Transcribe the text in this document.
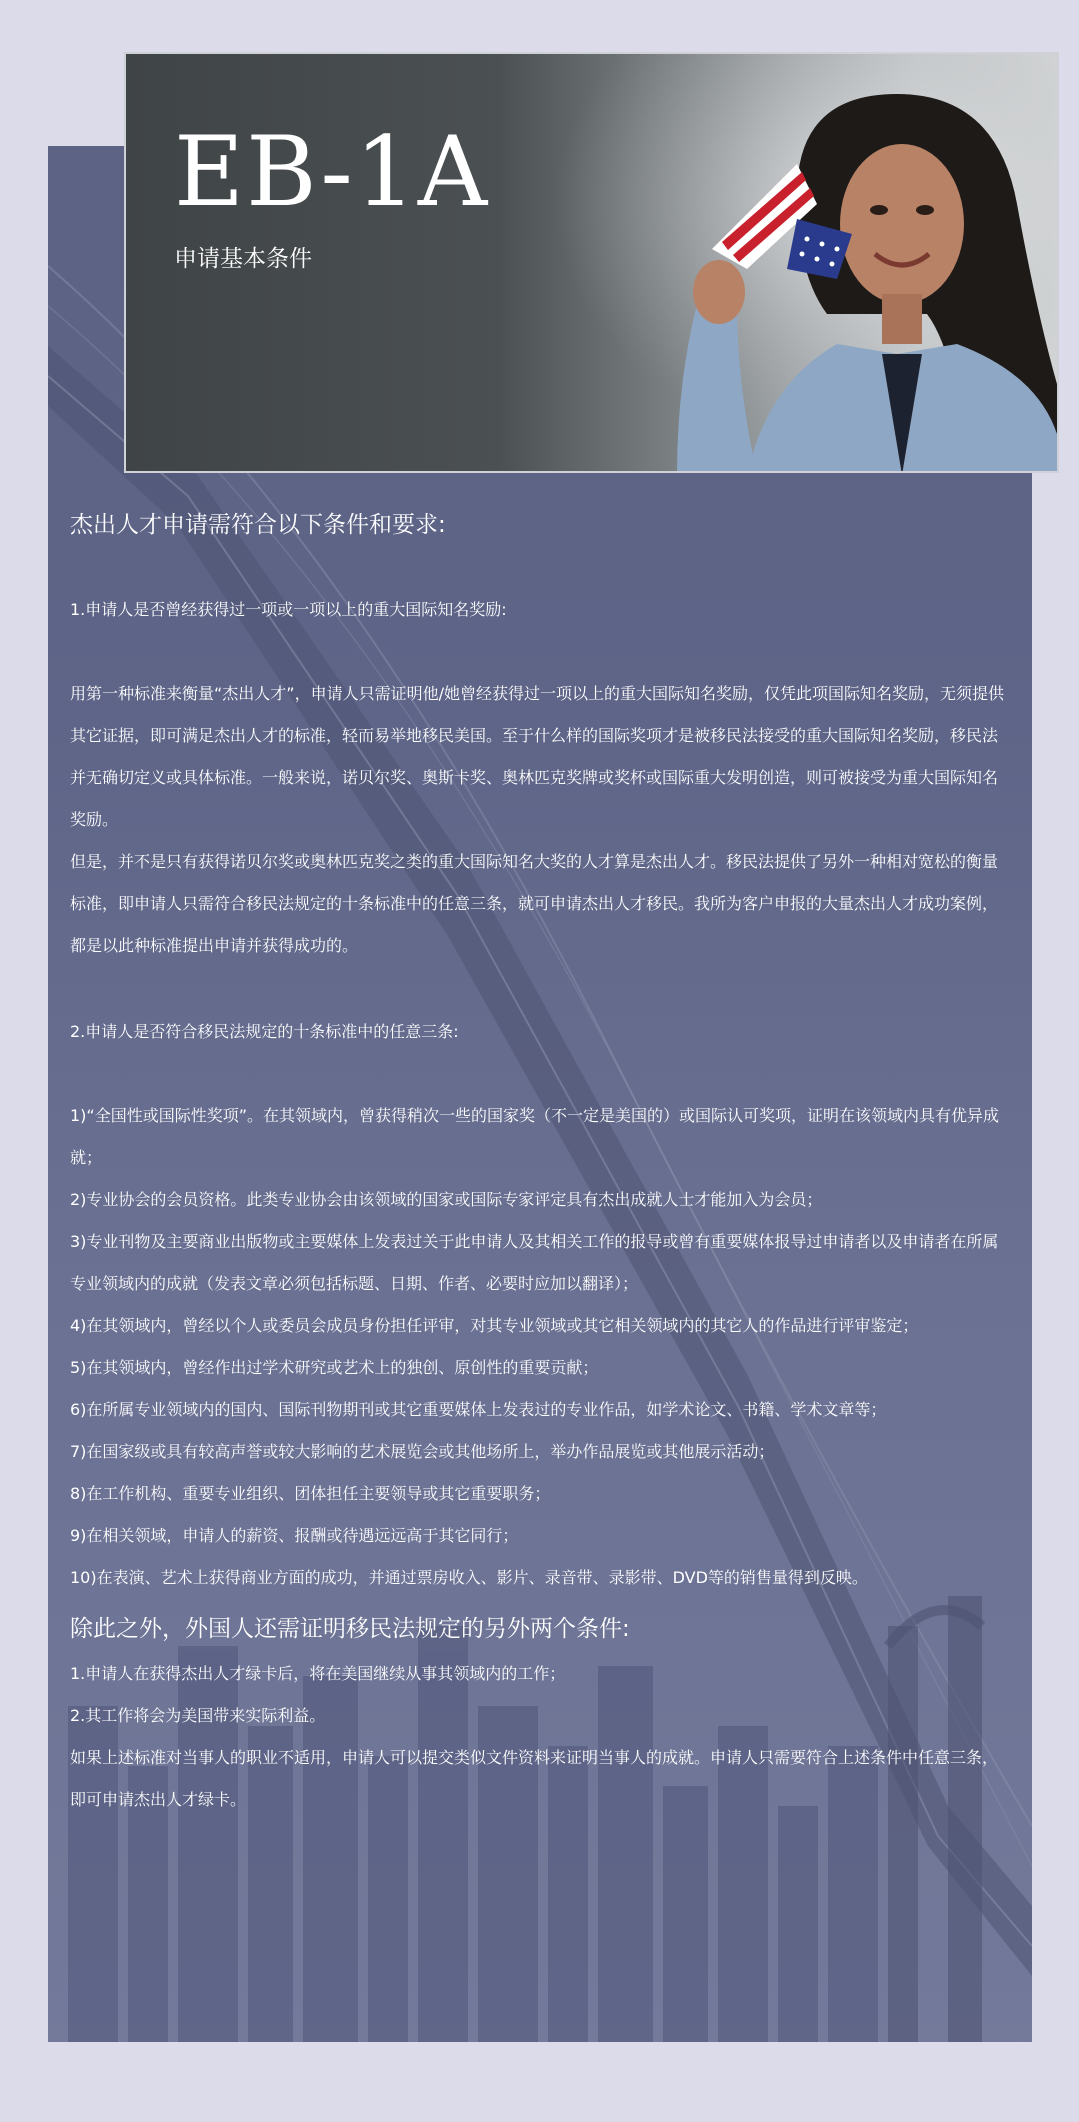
EB-1A
申请基本条件

杰出人才申请需符合以下条件和要求:

1.申请人是否曾经获得过一项或一项以上的重大国际知名奖励:

用第一种标准来衡量“杰出人才”，申请人只需证明他/她曾经获得过一项以上的重大国际知名奖励，仅凭此项国际知名奖励，无须提供其它证据，即可满足杰出人才的标准，轻而易举地移民美国。至于什么样的国际奖项才是被移民法接受的重大国际知名奖励，移民法并无确切定义或具体标准。一般来说，诺贝尔奖、奥斯卡奖、奥林匹克奖牌或奖杯或国际重大发明创造，则可被接受为重大国际知名奖励。

但是，并不是只有获得诺贝尔奖或奥林匹克奖之类的重大国际知名大奖的人才算是杰出人才。移民法提供了另外一种相对宽松的衡量标准，即申请人只需符合移民法规定的十条标准中的任意三条，就可申请杰出人才移民。我所为客户申报的大量杰出人才成功案例，都是以此种标准提出申请并获得成功的。

2.申请人是否符合移民法规定的十条标准中的任意三条:

1)“全国性或国际性奖项”。在其领域内，曾获得稍次一些的国家奖（不一定是美国的）或国际认可奖项，证明在该领域内具有优异成就；

2)专业协会的会员资格。此类专业协会由该领域的国家或国际专家评定具有杰出成就人士才能加入为会员；

3)专业刊物及主要商业出版物或主要媒体上发表过关于此申请人及其相关工作的报导或曾有重要媒体报导过申请者以及申请者在所属专业领域内的成就（发表文章必须包括标题、日期、作者、必要时应加以翻译）；

4)在其领域内，曾经以个人或委员会成员身份担任评审，对其专业领域或其它相关领域内的其它人的作品进行评审鉴定；

5)在其领域内，曾经作出过学术研究或艺术上的独创、原创性的重要贡献；

6)在所属专业领域内的国内、国际刊物期刊或其它重要媒体上发表过的专业作品，如学术论文、书籍、学术文章等；

7)在国家级或具有较高声誉或较大影响的艺术展览会或其他场所上，举办作品展览或其他展示活动；

8)在工作机构、重要专业组织、团体担任主要领导或其它重要职务；

9)在相关领域，申请人的薪资、报酬或待遇远远高于其它同行；

10)在表演、艺术上获得商业方面的成功，并通过票房收入、影片、录音带、录影带、DVD等的销售量得到反映。

除此之外，外国人还需证明移民法规定的另外两个条件:

1.申请人在获得杰出人才绿卡后，将在美国继续从事其领域内的工作；

2.其工作将会为美国带来实际利益。

如果上述标准对当事人的职业不适用，申请人可以提交类似文件资料来证明当事人的成就。申请人只需要符合上述条件中任意三条，即可申请杰出人才绿卡。
